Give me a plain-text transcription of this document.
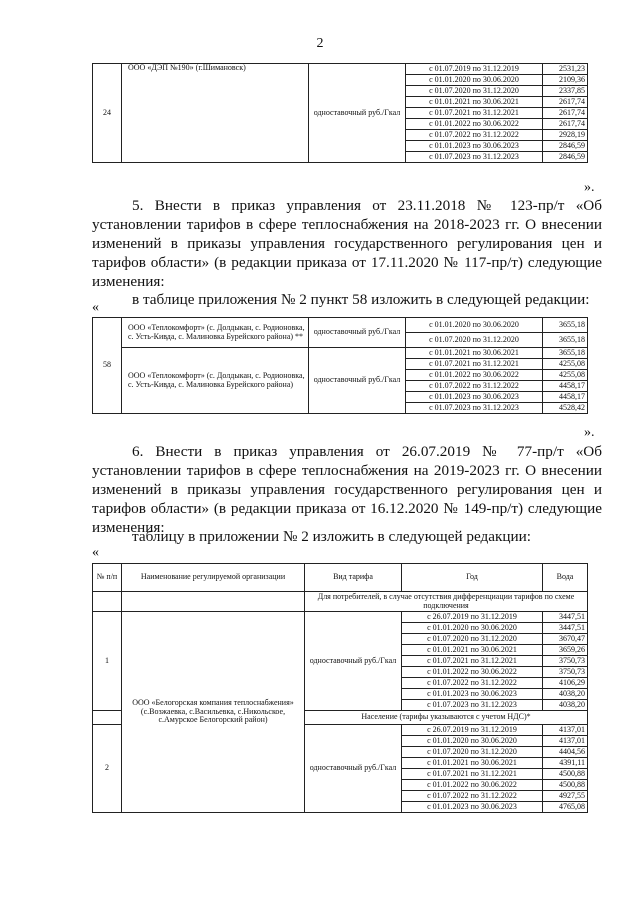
2
24	ООО «ДЭП №190» (г.Шимановск)	одноставочный руб./Гкал	с 01.07.2019 по 31.12.2019	2531,23
			с 01.01.2020 по 30.06.2020	2109,36
			с 01.07.2020 по 31.12.2020	2337,85
			с 01.01.2021 по 30.06.2021	2617,74
			с 01.07.2021 по 31.12.2021	2617,74
			с 01.01.2022 по 30.06.2022	2617,74
			с 01.07.2022 по 31.12.2022	2928,19
			с 01.01.2023 по 30.06.2023	2846,59
			с 01.07.2023 по 31.12.2023	2846,59
».
5. Внести в приказ управления от 23.11.2018 № 123-пр/т «Об установлении тарифов в сфере теплоснабжения на 2018-2023 гг. О внесении изменений в приказы управления государственного регулирования цен и тарифов области» (в редакции приказа от 17.11.2020 № 117-пр/т) следующие изменения:
в таблице приложения № 2 пункт 58 изложить в следующей редакции:
«
58	ООО «Теплокомфорт» (с. Долдыкан, с. Родионовка, с. Усть-Кивда, с. Малиновка Бурейского района) **	одноставочный руб./Гкал	с 01.01.2020 по 30.06.2020	3655,18
			с 01.07.2020 по 31.12.2020	3655,18
	ООО «Теплокомфорт» (с. Долдыкан, с. Родионовка, с. Усть-Кивда, с. Малиновка Бурейского района)	одноставочный руб./Гкал	с 01.01.2021 по 30.06.2021	3655,18
			с 01.07.2021 по 31.12.2021	4255,08
			с 01.01.2022 по 30.06.2022	4255,08
			с 01.07.2022 по 31.12.2022	4458,17
			с 01.01.2023 по 30.06.2023	4458,17
			с 01.07.2023 по 31.12.2023	4528,42
».
6. Внести в приказ управления от 26.07.2019 № 77-пр/т «Об установлении тарифов в сфере теплоснабжения на 2019-2023 гг. О внесении изменений в приказы управления государственного регулирования цен и тарифов области» (в редакции приказа от 16.12.2020 № 149-пр/т) следующие изменения:
таблицу в приложении № 2 изложить в следующей редакции:
«
№ п/п	Наименование регулируемой организации	Вид тарифа	Год	Вода
		Для потребителей, в случае отсутствия дифференциации тарифов по схеме подключения		
1	ООО «Белогорская компания теплоснабжения» (с.Возжаевка, с.Васильевка, с.Никольское, с.Амурское Белогорский район)	одноставочный руб./Гкал	с 26.07.2019 по 31.12.2019	3447,51
			с 01.01.2020 по 30.06.2020	3447,51
			с 01.07.2020 по 31.12.2020	3670,47
			с 01.01.2021 по 30.06.2021	3659,26
			с 01.07.2021 по 31.12.2021	3750,73
			с 01.01.2022 по 30.06.2022	3750,73
			с 01.07.2022 по 31.12.2022	4106,29
			с 01.01.2023 по 30.06.2023	4038,20
			с 01.07.2023 по 31.12.2023	4038,20
		Население (тарифы указываются с учетом НДС)*		
2		одноставочный руб./Гкал	с 26.07.2019 по 31.12.2019	4137,01
			с 01.01.2020 по 30.06.2020	4137,01
			с 01.07.2020 по 31.12.2020	4404,56
			с 01.01.2021 по 30.06.2021	4391,11
			с 01.07.2021 по 31.12.2021	4500,88
			с 01.01.2022 по 30.06.2022	4500,88
			с 01.07.2022 по 31.12.2022	4927,55
			с 01.01.2023 по 30.06.2023	4765,08
